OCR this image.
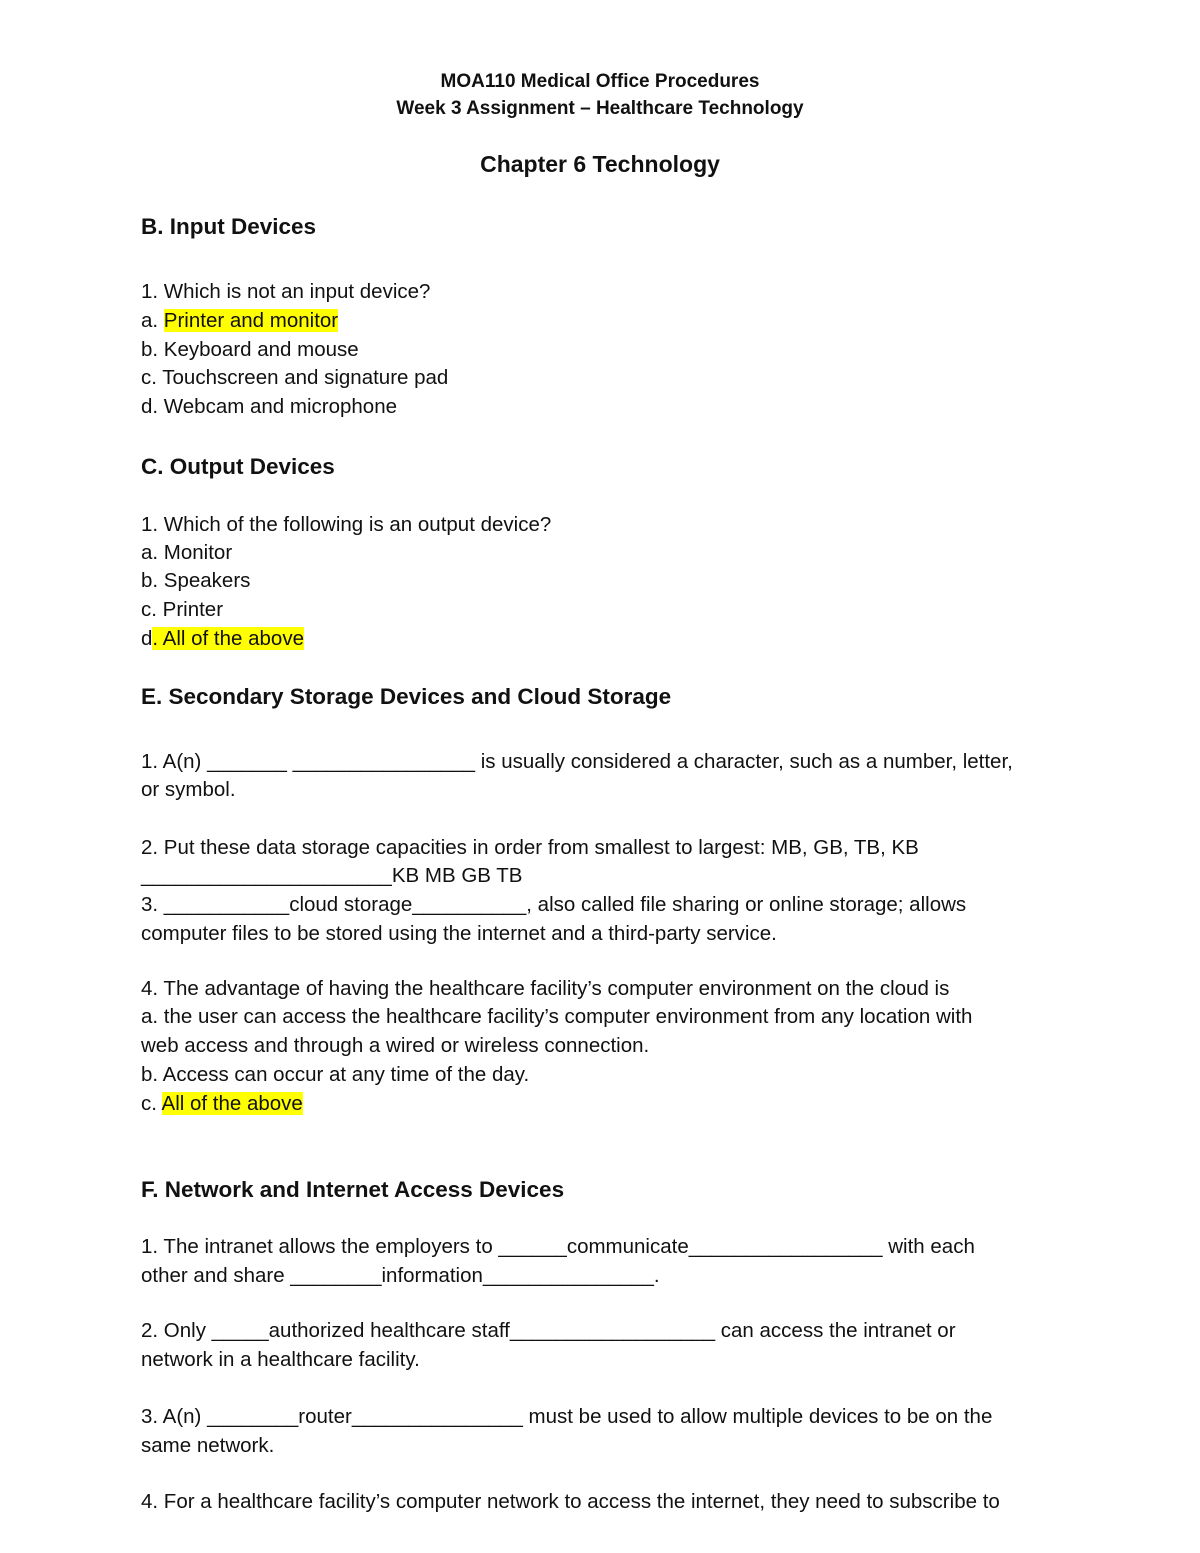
MOA110 Medical Office Procedures
Week 3 Assignment – Healthcare Technology
Chapter 6 Technology
B. Input Devices
1. Which is not an input device?
a. Printer and monitor
b. Keyboard and mouse
c. Touchscreen and signature pad
d. Webcam and microphone
C. Output Devices
1. Which of the following is an output device?
a. Monitor
b. Speakers
c. Printer
d. All of the above
E. Secondary Storage Devices and Cloud Storage
1. A(n) _______ ________________ is usually considered a character, such as a number, letter,
or symbol.
2. Put these data storage capacities in order from smallest to largest: MB, GB, TB, KB
______________________KB MB GB TB
3. ___________cloud storage__________, also called file sharing or online storage; allows
computer files to be stored using the internet and a third-party service.
4. The advantage of having the healthcare facility’s computer environment on the cloud is
a. the user can access the healthcare facility’s computer environment from any location with
web access and through a wired or wireless connection.
b. Access can occur at any time of the day.
c. All of the above
F. Network and Internet Access Devices
1. The intranet allows the employers to ______communicate_________________ with each
other and share ________information_______________.
2. Only _____authorized healthcare staff__________________ can access the intranet or
network in a healthcare facility.
3. A(n) ________router_______________ must be used to allow multiple devices to be on the
same network.
4. For a healthcare facility’s computer network to access the internet, they need to subscribe to
